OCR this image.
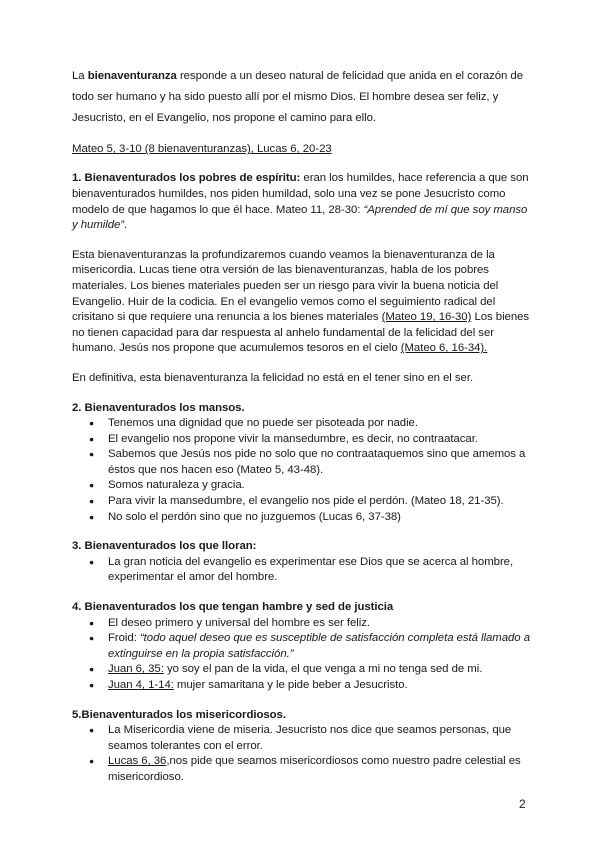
La bienaventuranza responde a un deseo natural de felicidad que anida en el corazón de todo ser humano y ha sido puesto allí por el mismo Dios. El hombre desea ser feliz, y Jesucristo, en el Evangelio, nos propone el camino para ello.

Mateo 5, 3-10 (8 bienaventuranzas), Lucas 6, 20-23

1. Bienaventurados los pobres de espíritu: eran los humildes, hace referencia a que son bienaventurados humildes, nos piden humildad, solo una vez se pone Jesucristo como modelo de que hagamos lo que él hace. Mateo 11, 28-30: “Aprended de mí que soy manso y humilde”.

Esta bienaventuranzas la profundizaremos cuando veamos la bienaventuranza de la misericordia. Lucas tiene otra versión de las bienaventuranzas, habla de los pobres materiales. Los bienes materiales pueden ser un riesgo para vivir la buena noticia del Evangelio. Huir de la codicia. En el evangelio vemos como el seguimiento radical del crisitano si que requiere una renuncia a los bienes materiales (Mateo 19, 16-30) Los bienes no tienen capacidad para dar respuesta al anhelo fundamental de la felicidad del ser humano. Jesús nos propone que acumulemos tesoros en el cielo (Mateo 6, 16-34).

En definitiva, esta bienaventuranza la felicidad no está en el tener sino en el ser.

2. Bienaventurados los mansos.

● Tenemos una dignidad que no puede ser pisoteada por nadie.
● El evangelio nos propone vivir la mansedumbre, es decir, no contraatacar.
● Sabemos que Jesús nos pide no solo que no contraataquemos sino que amemos a éstos que nos hacen eso (Mateo 5, 43-48).
● Somos naturaleza y gracia.
● Para vivir la mansedumbre, el evangelio nos pide el perdón. (Mateo 18, 21-35).
● No solo el perdón sino que no juzguemos (Lucas 6, 37-38)

3. Bienaventurados los que lloran:

● La gran noticia del evangelio es experimentar ese Dios que se acerca al hombre, experimentar el amor del hombre.

4. Bienaventurados los que tengan hambre y sed de justicia

● El deseo primero y universal del hombre es ser feliz.
● Froid: “todo aquel deseo que es susceptible de satisfacción completa está llamado a extinguirse en la propia satisfacción.”
● Juan 6, 35: yo soy el pan de la vida, el que venga a mi no tenga sed de mi.
● Juan 4, 1-14: mujer samaritana y le pide beber a Jesucristo.

5.Bienaventurados los misericordiosos.

● La Misericordia viene de miseria. Jesucristo nos dice que seamos personas, que seamos tolerantes con el error.
● Lucas 6, 36,nos pide que seamos misericordiosos como nuestro padre celestial es misericordioso.
2
